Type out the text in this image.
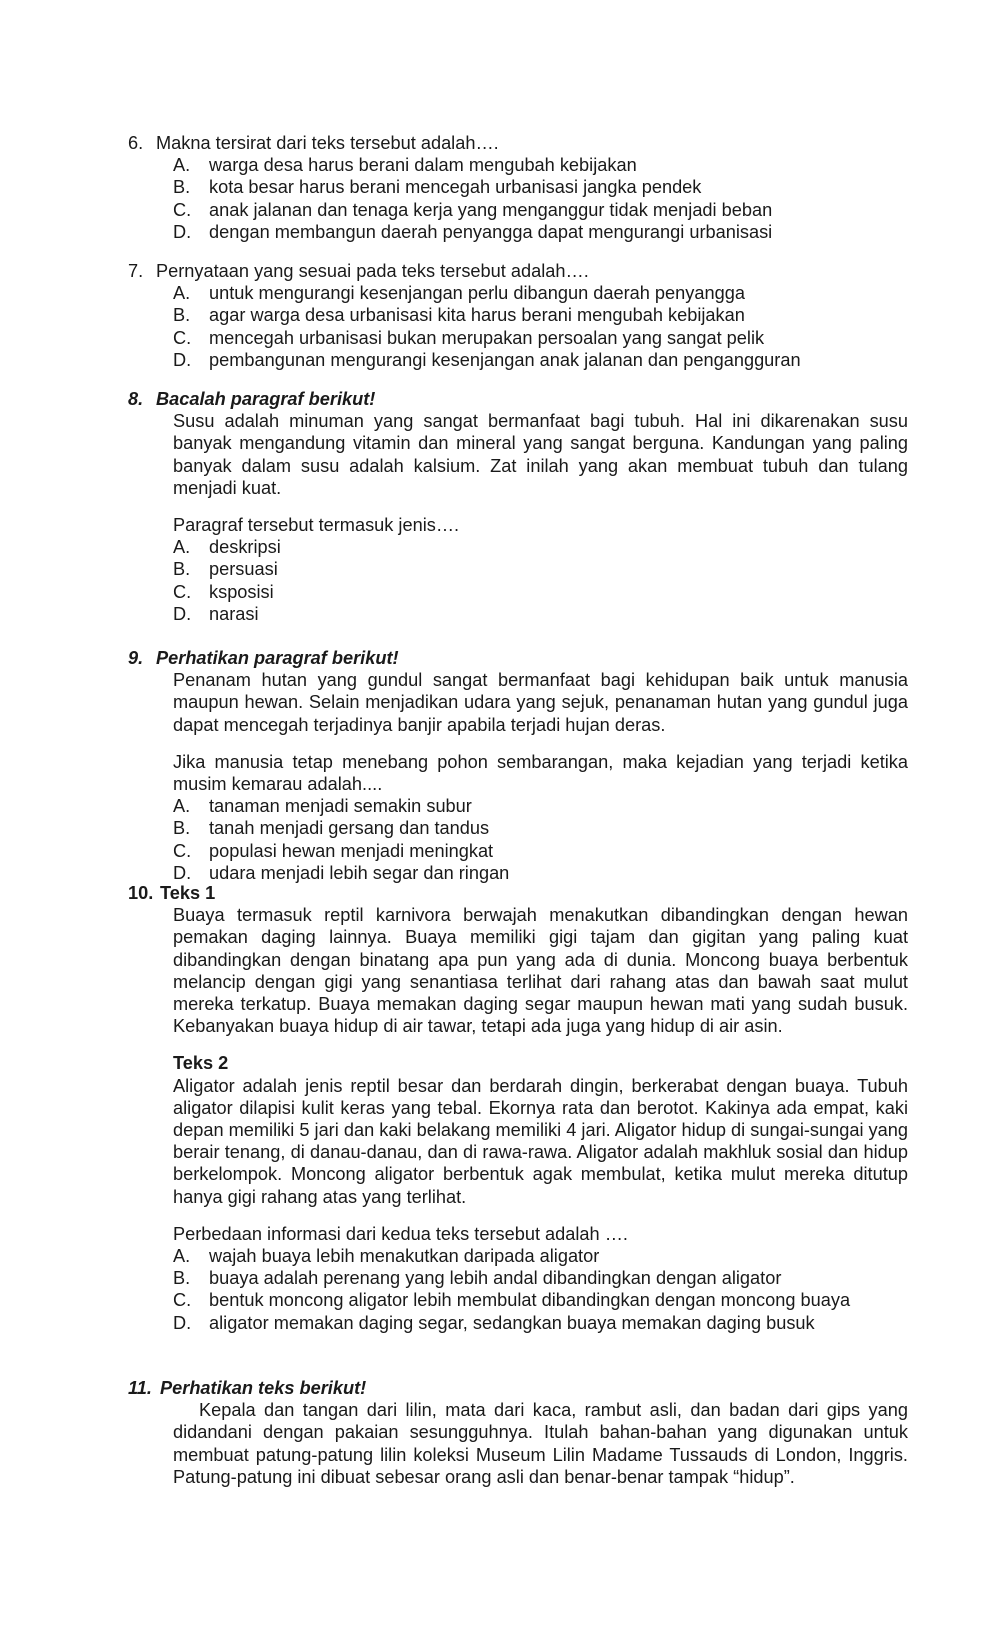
6. Makna tersirat dari teks tersebut adalah….
A. warga desa harus berani dalam mengubah kebijakan
B. kota besar harus berani mencegah urbanisasi jangka pendek
C. anak jalanan dan tenaga kerja yang menganggur tidak menjadi beban
D. dengan membangun daerah penyangga dapat mengurangi urbanisasi
7. Pernyataan yang sesuai pada teks tersebut adalah….
A. untuk mengurangi kesenjangan perlu dibangun daerah penyangga
B. agar warga desa urbanisasi kita harus berani mengubah kebijakan
C. mencegah urbanisasi bukan merupakan persoalan yang sangat pelik
D. pembangunan mengurangi kesenjangan anak jalanan dan pengangguran
8. Bacalah paragraf berikut!
Susu adalah minuman yang sangat bermanfaat bagi tubuh. Hal ini dikarenakan susu banyak mengandung vitamin dan mineral yang sangat berguna. Kandungan yang paling banyak dalam susu adalah kalsium. Zat inilah yang akan membuat tubuh dan tulang menjadi kuat.
Paragraf tersebut termasuk jenis….
A. deskripsi
B. persuasi
C. ksposisi
D. narasi
9. Perhatikan paragraf berikut!
Penanam hutan yang gundul sangat bermanfaat bagi kehidupan baik untuk manusia maupun hewan. Selain menjadikan udara yang sejuk, penanaman hutan yang gundul juga dapat mencegah terjadinya banjir apabila terjadi hujan deras.
Jika manusia tetap menebang pohon sembarangan, maka kejadian yang terjadi ketika musim kemarau adalah....
A. tanaman menjadi semakin subur
B. tanah menjadi gersang dan tandus
C. populasi hewan menjadi meningkat
D. udara menjadi lebih segar dan ringan
10. Teks 1
Buaya termasuk reptil karnivora berwajah menakutkan dibandingkan dengan hewan pemakan daging lainnya. Buaya memiliki gigi tajam dan gigitan yang paling kuat dibandingkan dengan binatang apa pun yang ada di dunia. Moncong buaya berbentuk melancip dengan gigi yang senantiasa terlihat dari rahang atas dan bawah saat mulut mereka terkatup. Buaya memakan daging segar maupun hewan mati yang sudah busuk. Kebanyakan buaya hidup di air tawar, tetapi ada juga yang hidup di air asin.
Teks 2
Aligator adalah jenis reptil besar dan berdarah dingin, berkerabat dengan buaya. Tubuh aligator dilapisi kulit keras yang tebal. Ekornya rata dan berotot. Kakinya ada empat, kaki depan memiliki 5 jari dan kaki belakang memiliki 4 jari. Aligator hidup di sungai-sungai yang berair tenang, di danau-danau, dan di rawa-rawa. Aligator adalah makhluk sosial dan hidup berkelompok. Moncong aligator berbentuk agak membulat, ketika mulut mereka ditutup hanya gigi rahang atas yang terlihat.
Perbedaan informasi dari kedua teks tersebut adalah ….
A. wajah buaya lebih menakutkan daripada aligator
B. buaya adalah perenang yang lebih andal dibandingkan dengan aligator
C. bentuk moncong aligator lebih membulat dibandingkan dengan moncong buaya
D. aligator memakan daging segar, sedangkan buaya memakan daging busuk
11. Perhatikan teks berikut!
Kepala dan tangan dari lilin, mata dari kaca, rambut asli, dan badan dari gips yang didandani dengan pakaian sesungguhnya. Itulah bahan-bahan yang digunakan untuk membuat patung-patung lilin koleksi Museum Lilin Madame Tussauds di London, Inggris. Patung-patung ini dibuat sebesar orang asli dan benar-benar tampak “hidup”.
